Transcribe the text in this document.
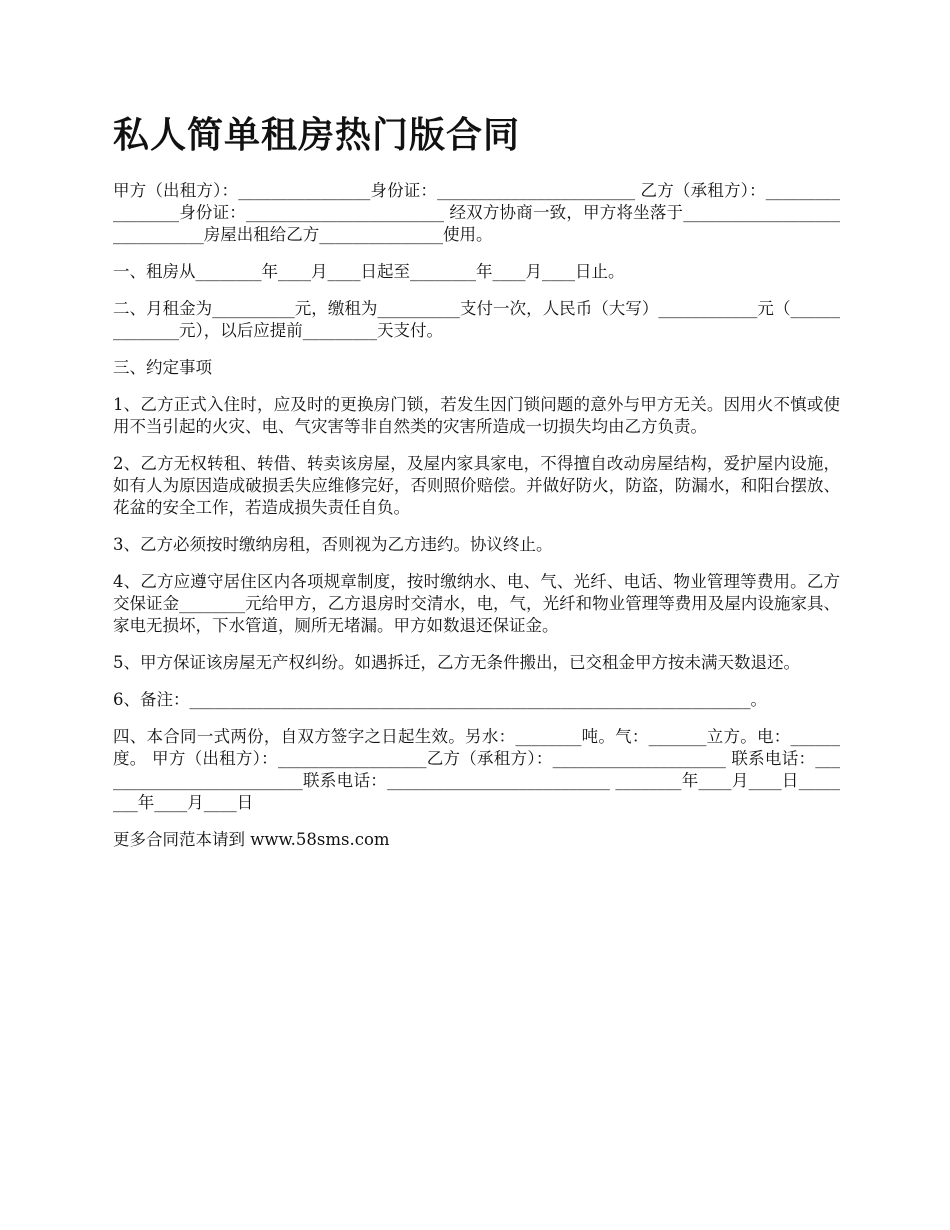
私人简单租房热门版合同

甲方（出租方）：________________身份证：________________________ 乙方（承租方）：_________________身份证：________________________ 经双方协商一致，甲方将坐落于______________________________房屋出租给乙方_______________使用。

一、租房从________年____月____日起至________年____月____日止。

二、月租金为__________元，缴租为__________支付一次，人民币（大写）____________元（______________元），以后应提前_________天支付。

三、约定事项

1、乙方正式入住时，应及时的更换房门锁，若发生因门锁问题的意外与甲方无关。因用火不慎或使用不当引起的火灾、电、气灾害等非自然类的灾害所造成一切损失均由乙方负责。

2、乙方无权转租、转借、转卖该房屋，及屋内家具家电，不得擅自改动房屋结构，爱护屋内设施，如有人为原因造成破损丢失应维修完好，否则照价赔偿。并做好防火，防盗，防漏水，和阳台摆放、花盆的安全工作，若造成损失责任自负。

3、乙方必须按时缴纳房租，否则视为乙方违约。协议终止。

4、乙方应遵守居住区内各项规章制度，按时缴纳水、电、气、光纤、电话、物业管理等费用。乙方交保证金________元给甲方，乙方退房时交清水，电，气，光纤和物业管理等费用及屋内设施家具、家电无损坏，下水管道，厕所无堵漏。甲方如数退还保证金。

5、甲方保证该房屋无产权纠纷。如遇拆迁，乙方无条件搬出，已交租金甲方按未满天数退还。

6、备注：____________________________________________________________________。

四、本合同一式两份，自双方签字之日起生效。另水：________吨。气：_______立方。电：______度。 甲方（出租方）：__________________乙方（承租方）：_____________________ 联系电话：__________________________联系电话：___________________________ ________年____月____日________年____月____日

更多合同范本请到 www.58sms.com
